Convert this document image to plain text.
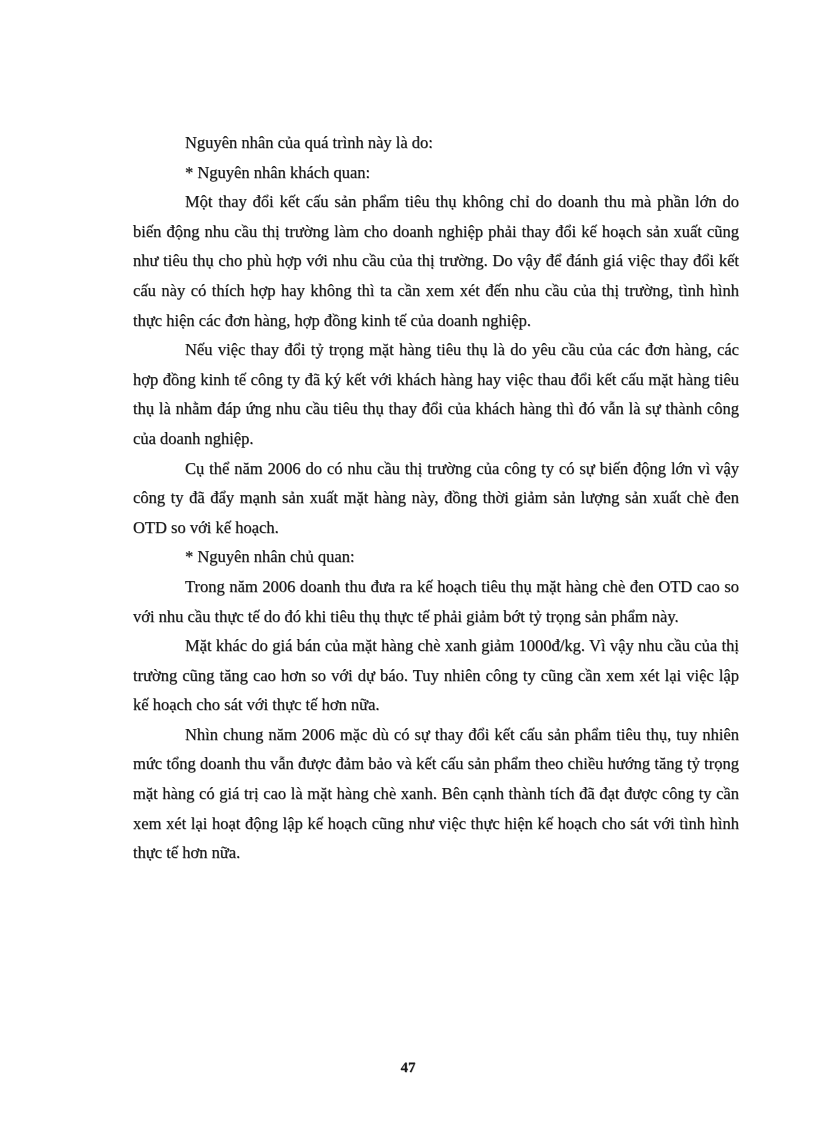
Nguyên nhân của quá trình này là do:

* Nguyên nhân khách quan:

Một thay đổi kết cấu sản phẩm tiêu thụ không chỉ do doanh thu mà phần lớn do biến động nhu cầu thị trường làm cho doanh nghiệp phải thay đổi kế hoạch sản xuất cũng như tiêu thụ cho phù hợp với nhu cầu của thị trường. Do vậy để đánh giá việc thay đổi kết cấu này có thích hợp hay không thì ta cần xem xét đến nhu cầu của thị trường, tình hình thực hiện các đơn hàng, hợp đồng kinh tế của doanh nghiệp.

Nếu việc thay đổi tỷ trọng mặt hàng tiêu thụ là do yêu cầu của các đơn hàng, các hợp đồng kinh tế công ty đã ký kết với khách hàng hay việc thau đổi kết cấu mặt hàng tiêu thụ là nhằm đáp ứng nhu cầu tiêu thụ thay đổi của khách hàng thì đó vẫn là sự thành công của doanh nghiệp.

Cụ thể năm 2006 do có nhu cầu thị trường của công ty có sự biến động lớn vì vậy công ty đã đẩy mạnh sản xuất mặt hàng này, đồng thời giảm sản lượng sản xuất chè đen OTD so với kế hoạch.

* Nguyên nhân chủ quan:

Trong năm 2006 doanh thu đưa ra kế hoạch tiêu thụ mặt hàng chè đen OTD cao so với nhu cầu thực tế do đó khi tiêu thụ thực tế phải giảm bớt tỷ trọng sản phẩm này.

Mặt khác do giá bán của mặt hàng chè xanh giảm 1000đ/kg. Vì vậy nhu cầu của thị trường cũng tăng cao hơn so với dự báo. Tuy nhiên công ty cũng cần xem xét lại việc lập kế hoạch cho sát với thực tế hơn nữa.

Nhìn chung năm 2006 mặc dù có sự thay đổi kết cấu sản phẩm tiêu thụ, tuy nhiên mức tổng doanh thu vẫn được đảm bảo và kết cấu sản phẩm theo chiều hướng tăng tỷ trọng mặt hàng có giá trị cao là mặt hàng chè xanh. Bên cạnh thành tích đã đạt được công ty cần xem xét lại hoạt động lập kế hoạch cũng như việc thực hiện kế hoạch cho sát với tình hình thực tế hơn nữa.

47
